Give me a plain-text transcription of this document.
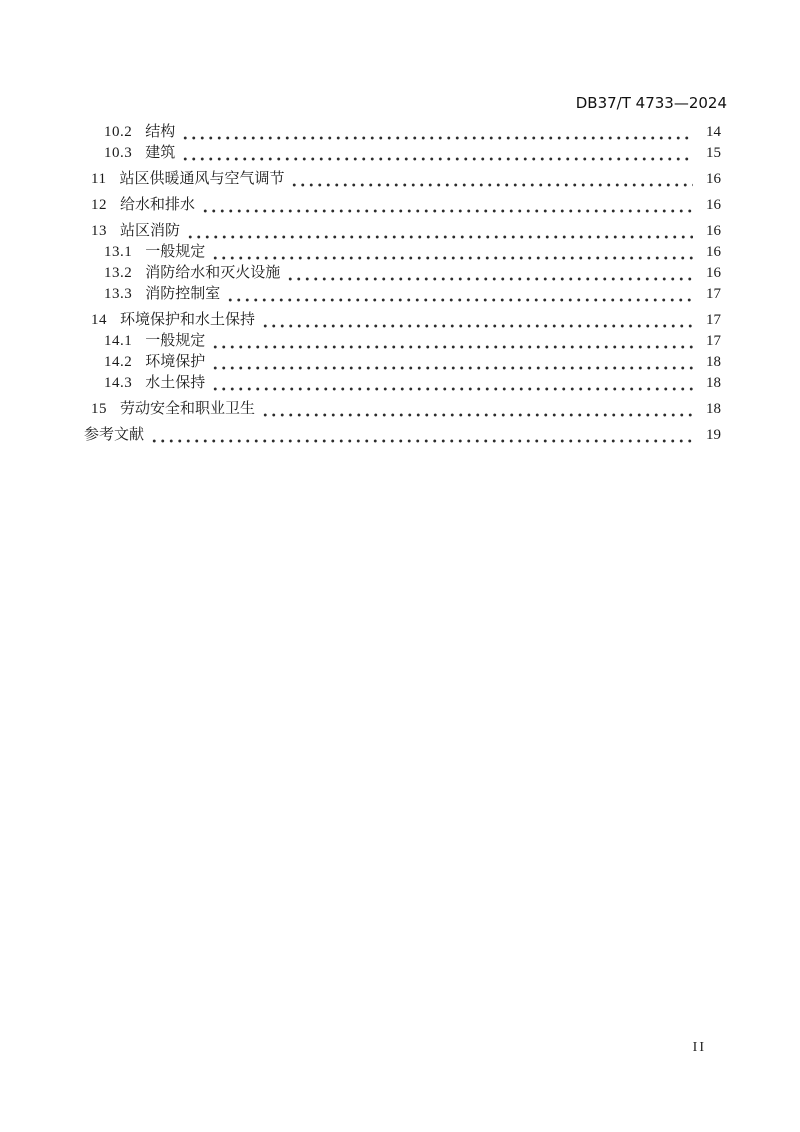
DB37/T 4733—2024
10.2 结构	14
10.3 建筑	15
11 站区供暖通风与空气调节	16
12 给水和排水	16
13 站区消防	16
13.1 一般规定	16
13.2 消防给水和灭火设施	16
13.3 消防控制室	17
14 环境保护和水土保持	17
14.1 一般规定	17
14.2 环境保护	18
14.3 水土保持	18
15 劳动安全和职业卫生	18
参考文献	19
II
